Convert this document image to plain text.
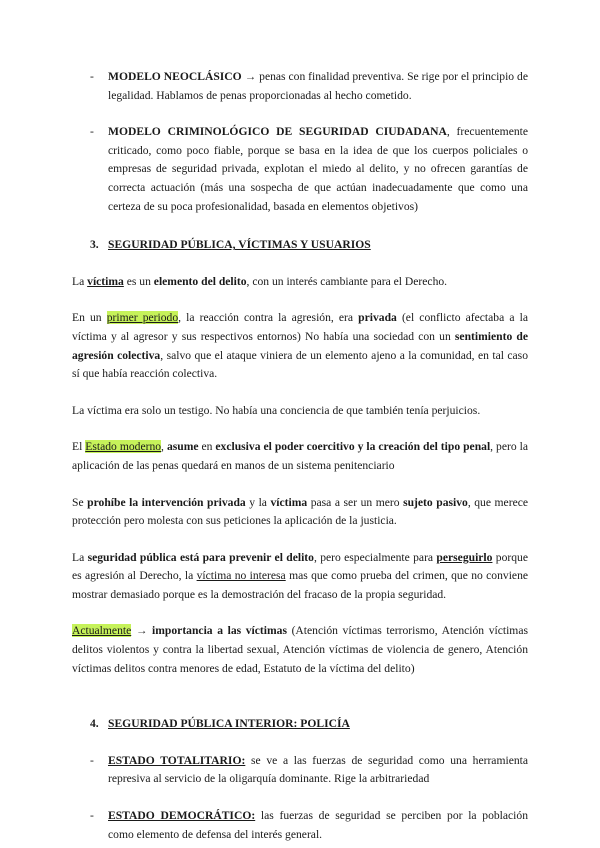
- MODELO NEOCLÁSICO → penas con finalidad preventiva. Se rige por el principio de legalidad. Hablamos de penas proporcionadas al hecho cometido.

- MODELO CRIMINOLÓGICO DE SEGURIDAD CIUDADANA, frecuentemente criticado, como poco fiable, porque se basa en la idea de que los cuerpos policiales o empresas de seguridad privada, explotan el miedo al delito, y no ofrecen garantías de correcta actuación (más una sospecha de que actúan inadecuadamente que como una certeza de su poca profesionalidad, basada en elementos objetivos)

3. SEGURIDAD PÚBLICA, VÍCTIMAS Y USUARIOS

La víctima es un elemento del delito, con un interés cambiante para el Derecho.

En un primer periodo, la reacción contra la agresión, era privada (el conflicto afectaba a la víctima y al agresor y sus respectivos entornos) No había una sociedad con un sentimiento de agresión colectiva, salvo que el ataque viniera de un elemento ajeno a la comunidad, en tal caso sí que había reacción colectiva.

La víctima era solo un testigo. No había una conciencia de que también tenía perjuicios.

El Estado moderno, asume en exclusiva el poder coercitivo y la creación del tipo penal, pero la aplicación de las penas quedará en manos de un sistema penitenciario

Se prohíbe la intervención privada y la víctima pasa a ser un mero sujeto pasivo, que merece protección pero molesta con sus peticiones la aplicación de la justicia.

La seguridad pública está para prevenir el delito, pero especialmente para perseguirlo porque es agresión al Derecho, la víctima no interesa mas que como prueba del crimen, que no conviene mostrar demasiado porque es la demostración del fracaso de la propia seguridad.

Actualmente → importancia a las víctimas (Atención víctimas terrorismo, Atención víctimas delitos violentos y contra la libertad sexual, Atención víctimas de violencia de genero, Atención víctimas delitos contra menores de edad, Estatuto de la víctima del delito)

4. SEGURIDAD PÚBLICA INTERIOR: POLICÍA

- ESTADO TOTALITARIO: se ve a las fuerzas de seguridad como una herramienta represiva al servicio de la oligarquía dominante. Rige la arbitrariedad

- ESTADO DEMOCRÁTICO: las fuerzas de seguridad se perciben por la población como elemento de defensa del interés general.
